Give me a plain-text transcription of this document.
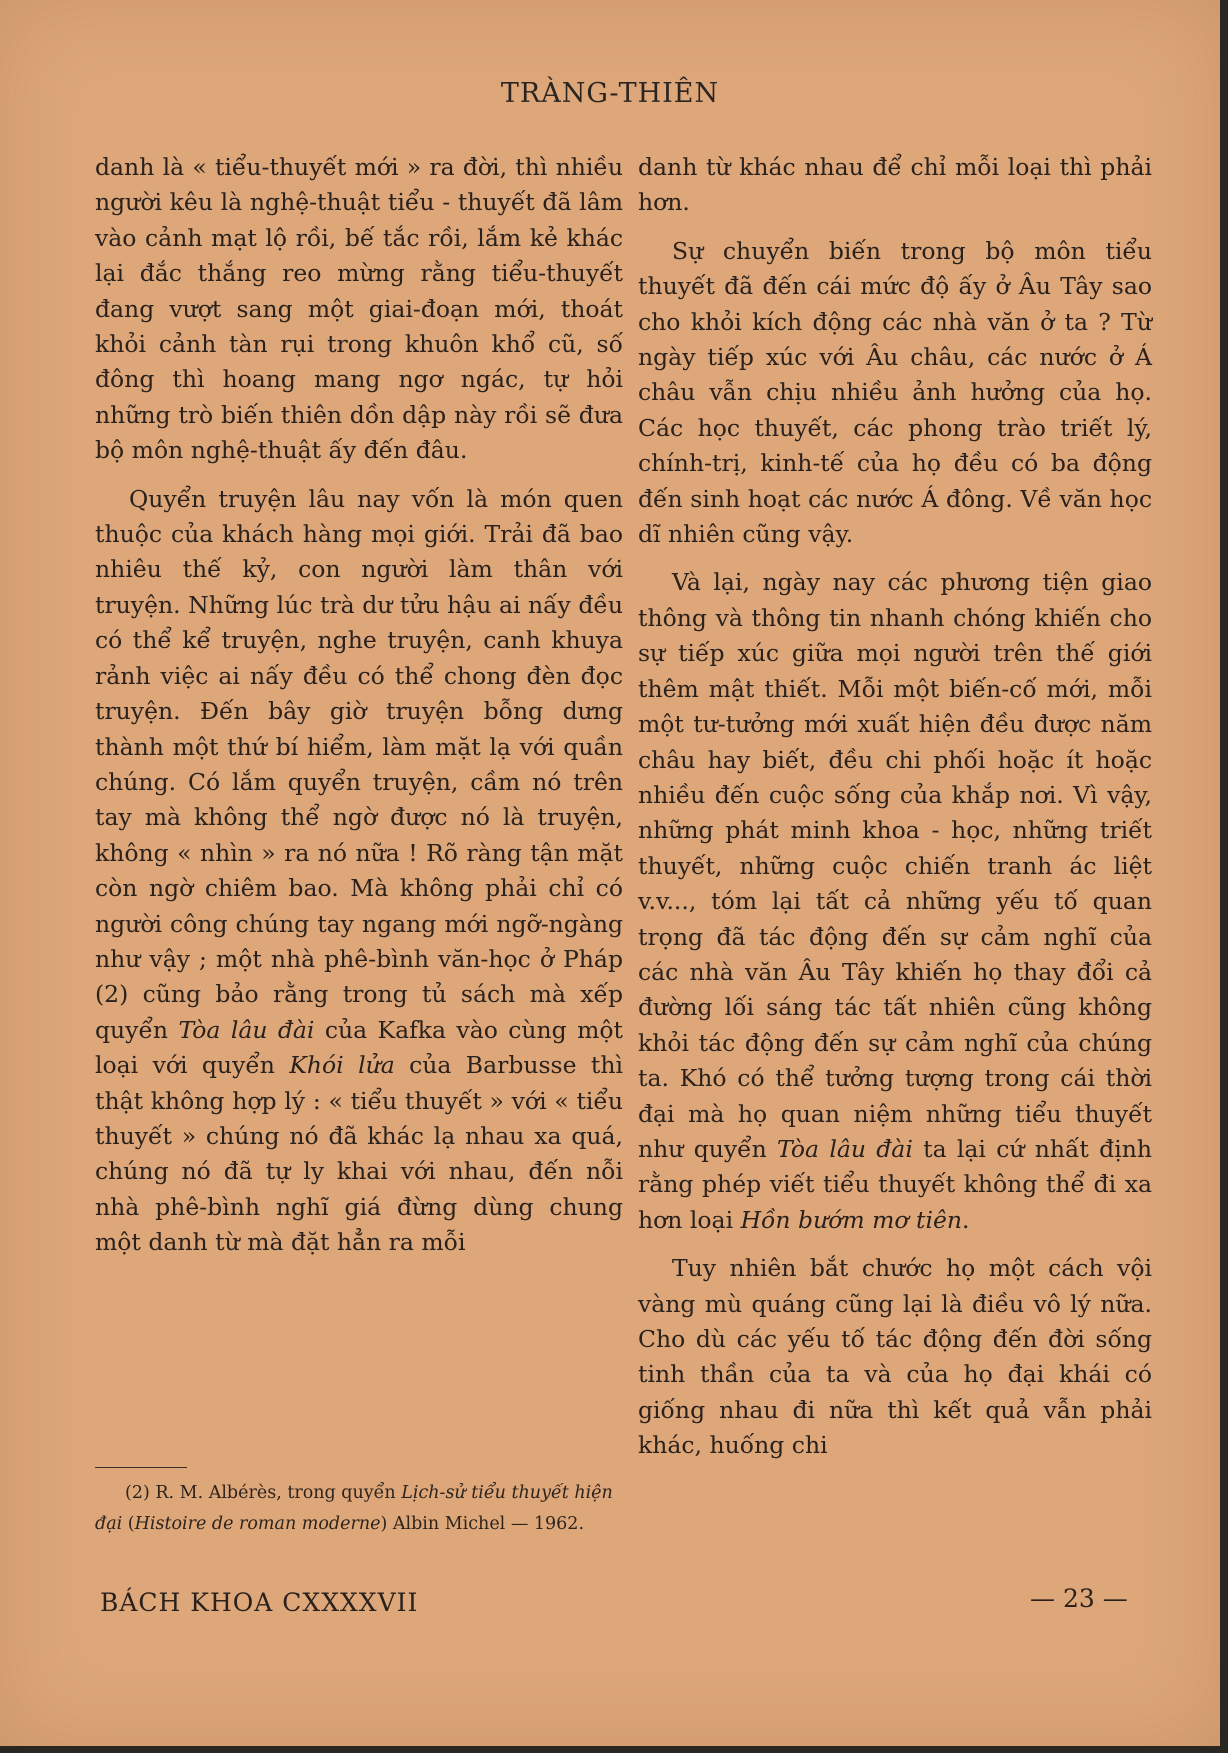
TRÀNG-THIÊN

danh là « tiểu-thuyết mới » ra đời, thì nhiều người kêu là nghệ-thuật tiểu - thuyết đã lâm vào cảnh mạt lộ rồi, bế tắc rồi, lắm kẻ khác lại đắc thắng reo mừng rằng tiểu-thuyết đang vượt sang một giai-đoạn mới, thoát khỏi cảnh tàn rụi trong khuôn khổ cũ, số đông thì hoang mang ngơ ngác, tự hỏi những trò biến thiên dồn dập này rồi sẽ đưa bộ môn nghệ-thuật ấy đến đâu.

Quyển truyện lâu nay vốn là món quen thuộc của khách hàng mọi giới. Trải đã bao nhiêu thế kỷ, con người làm thân với truyện. Những lúc trà dư tửu hậu ai nấy đều có thể kể truyện, nghe truyện, canh khuya rảnh việc ai nấy đều có thể chong đèn đọc truyện. Đến bây giờ truyện bỗng dưng thành một thứ bí hiểm, làm mặt lạ với quần chúng. Có lắm quyển truyện, cầm nó trên tay mà không thể ngờ được nó là truyện, không « nhìn » ra nó nữa ! Rõ ràng tận mặt còn ngờ chiêm bao. Mà không phải chỉ có người công chúng tay ngang mới ngỡ-ngàng như vậy ; một nhà phê-bình văn-học ở Pháp (2) cũng bảo rằng trong tủ sách mà xếp quyển Tòa lâu đài của Kafka vào cùng một loại với quyển Khói lửa của Barbusse thì thật không hợp lý : « tiểu thuyết » với « tiểu thuyết » chúng nó đã khác lạ nhau xa quá, chúng nó đã tự ly khai với nhau, đến nỗi nhà phê-bình nghĩ giá đừng dùng chung một danh từ mà đặt hẳn ra mỗi

danh từ khác nhau để chỉ mỗi loại thì phải hơn.

Sự chuyển biến trong bộ môn tiểu thuyết đã đến cái mức độ ấy ở Âu Tây sao cho khỏi kích động các nhà văn ở ta ? Từ ngày tiếp xúc với Âu châu, các nước ở Á châu vẫn chịu nhiều ảnh hưởng của họ. Các học thuyết, các phong trào triết lý, chính-trị, kinh-tế của họ đều có ba động đến sinh hoạt các nước Á đông. Về văn học dĩ nhiên cũng vậy.

Và lại, ngày nay các phương tiện giao thông và thông tin nhanh chóng khiến cho sự tiếp xúc giữa mọi người trên thế giới thêm mật thiết. Mỗi một biến-cố mới, mỗi một tư-tưởng mới xuất hiện đều được năm châu hay biết, đều chi phối hoặc ít hoặc nhiều đến cuộc sống của khắp nơi. Vì vậy, những phát minh khoa - học, những triết thuyết, những cuộc chiến tranh ác liệt v.v..., tóm lại tất cả những yếu tố quan trọng đã tác động đến sự cảm nghĩ của các nhà văn Âu Tây khiến họ thay đổi cả đường lối sáng tác tất nhiên cũng không khỏi tác động đến sự cảm nghĩ của chúng ta. Khó có thể tưởng tượng trong cái thời đại mà họ quan niệm những tiểu thuyết như quyển Tòa lâu đài ta lại cứ nhất định rằng phép viết tiểu thuyết không thể đi xa hơn loại Hồn bướm mơ tiên.

Tuy nhiên bắt chước họ một cách vội vàng mù quáng cũng lại là điều vô lý nữa. Cho dù các yếu tố tác động đến đời sống tinh thần của ta và của họ đại khái có giống nhau đi nữa thì kết quả vẫn phải khác, huống chi

(2) R. M. Albérès, trong quyển Lịch-sử tiểu thuyết hiện đại (Histoire de roman moderne) Albin Michel — 1962.
BÁCH KHOA CXXXXVII	— 23 —
